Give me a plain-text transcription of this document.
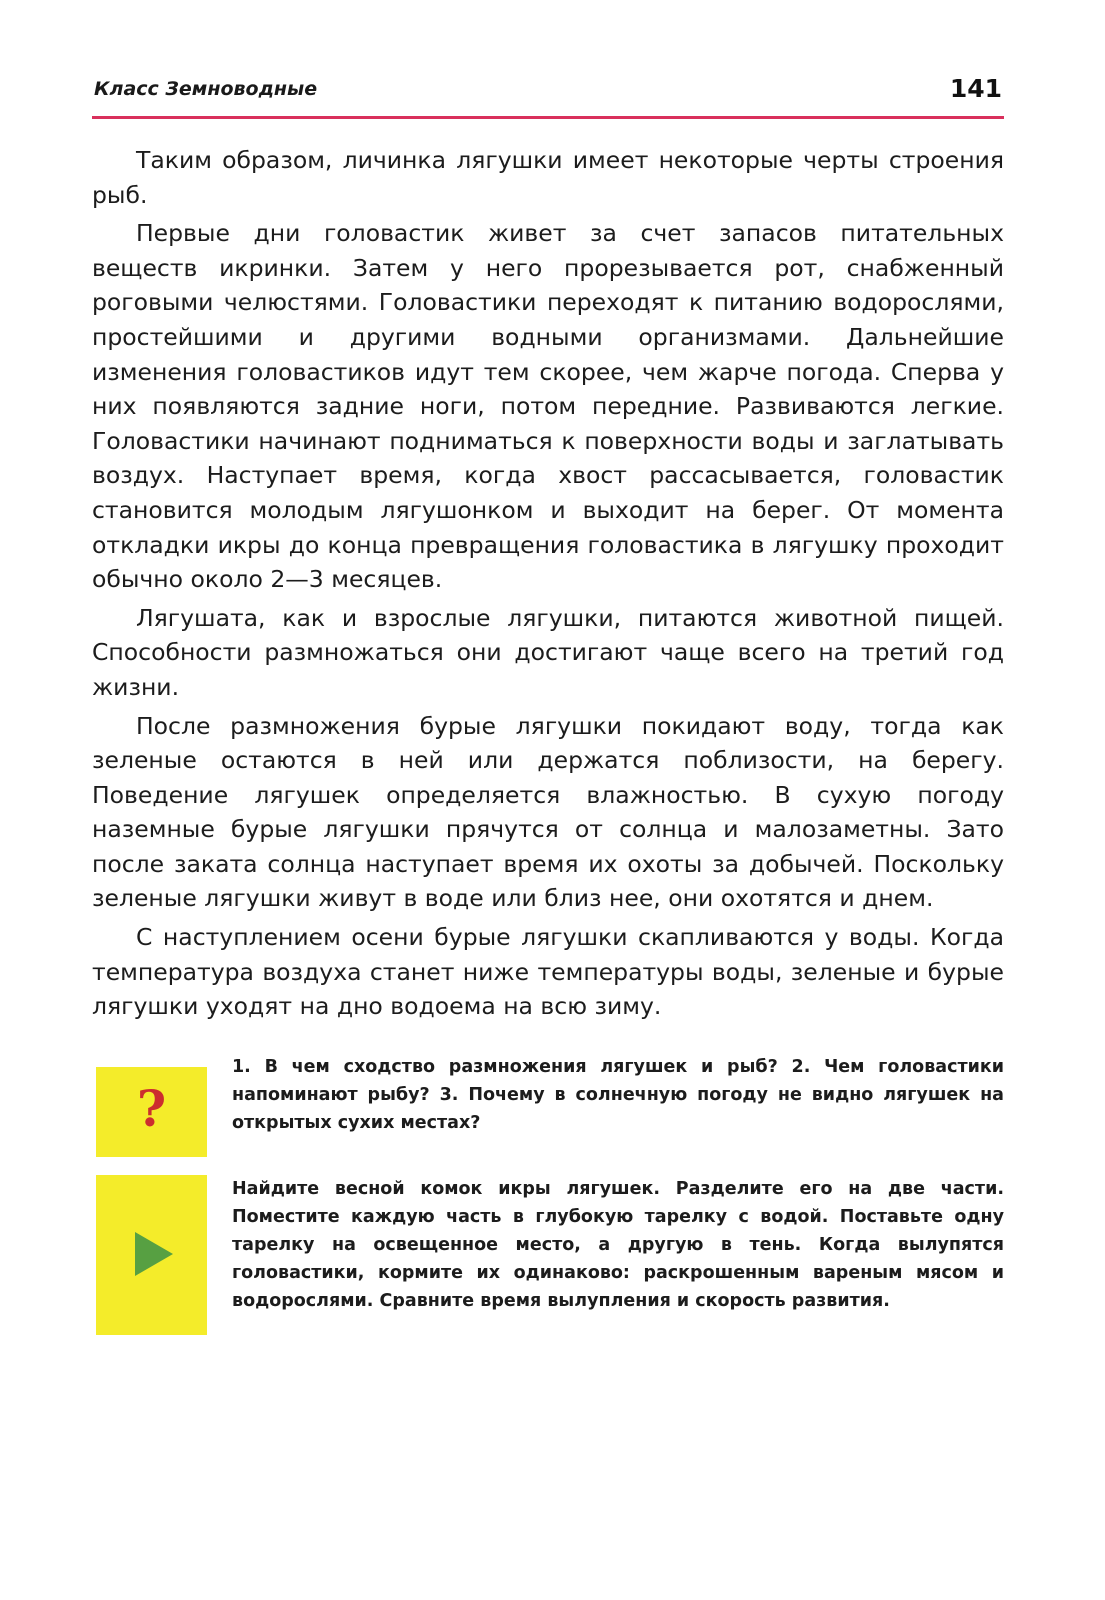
Класс Земноводные	141

Таким образом, личинка лягушки имеет некоторые черты строения рыб.

Первые дни головастик живет за счет запасов питательных веществ икринки. Затем у него прорезывается рот, снабженный роговыми челюстями. Головастики переходят к питанию водорослями, простейшими и другими водными организмами. Дальнейшие изменения головастиков идут тем скорее, чем жарче погода. Сперва у них появляются задние ноги, потом передние. Развиваются легкие. Головастики начинают подниматься к поверхности воды и заглатывать воздух. Наступает время, когда хвост рассасывается, головастик становится молодым лягушонком и выходит на берег. От момента откладки икры до конца превращения головастика в лягушку проходит обычно около 2—3 месяцев.

Лягушата, как и взрослые лягушки, питаются животной пищей. Способности размножаться они достигают чаще всего на третий год жизни.

После размножения бурые лягушки покидают воду, тогда как зеленые остаются в ней или держатся поблизости, на берегу. Поведение лягушек определяется влажностью. В сухую погоду наземные бурые лягушки прячутся от солнца и малозаметны. Зато после заката солнца наступает время их охоты за добычей. Поскольку зеленые лягушки живут в воде или близ нее, они охотятся и днем.

С наступлением осени бурые лягушки скапливаются у воды. Когда температура воздуха станет ниже температуры воды, зеленые и бурые лягушки уходят на дно водоема на всю зиму.

?

1. В чем сходство размножения лягушек и рыб? 2. Чем головастики напоминают рыбу? 3. Почему в солнечную погоду не видно лягушек на открытых сухих местах?

Найдите весной комок икры лягушек. Разделите его на две части. Поместите каждую часть в глубокую тарелку с водой. Поставьте одну тарелку на освещенное место, а другую в тень. Когда вылупятся головастики, кормите их одинаково: раскрошенным вареным мясом и водорослями. Сравните время вылупления и скорость развития.
